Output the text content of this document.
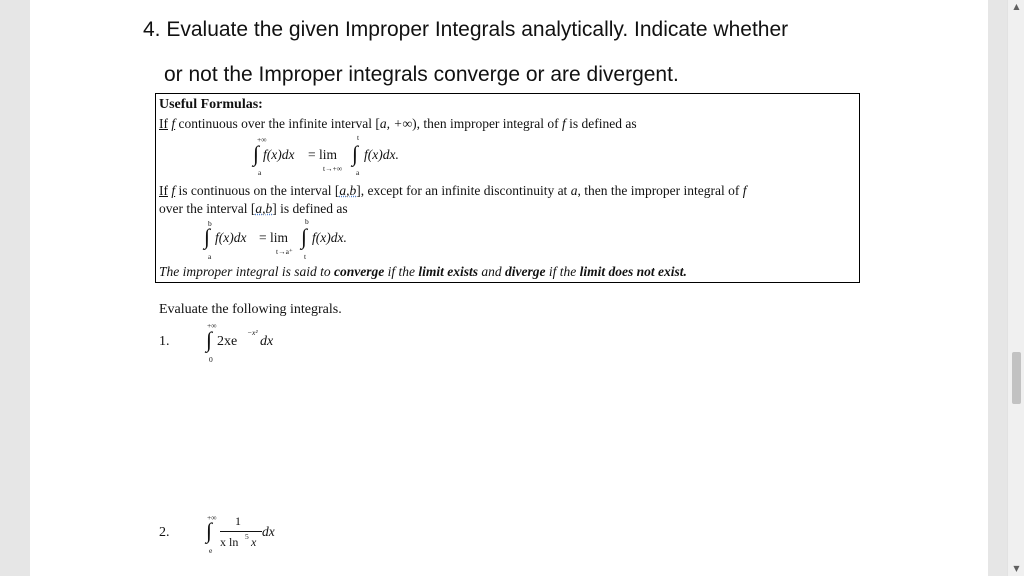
4. Evaluate the given Improper Integrals analytically. Indicate whether
or not the Improper integrals converge or are divergent.
Useful Formulas:
If f continuous over the infinite interval [a, +∞), then improper integral of f is defined as
+∞
∫
a
f(x)dx = lim
t→+∞
t
∫
a
f(x)dx.
If f is continuous on the interval [a,b], except for an infinite discontinuity at a, then the improper integral of f
over the interval [a,b] is defined as
b
∫
a
f(x)dx = lim
t→a⁺
b
∫
t
f(x)dx.
The improper integral is said to converge if the limit exists and diverge if the limit does not exist.
Evaluate the following integrals.
1.
+∞
∫
0
2xe
−x²
dx
2.
+∞
∫
e
1
x ln 5 x
dx
▲
▼
